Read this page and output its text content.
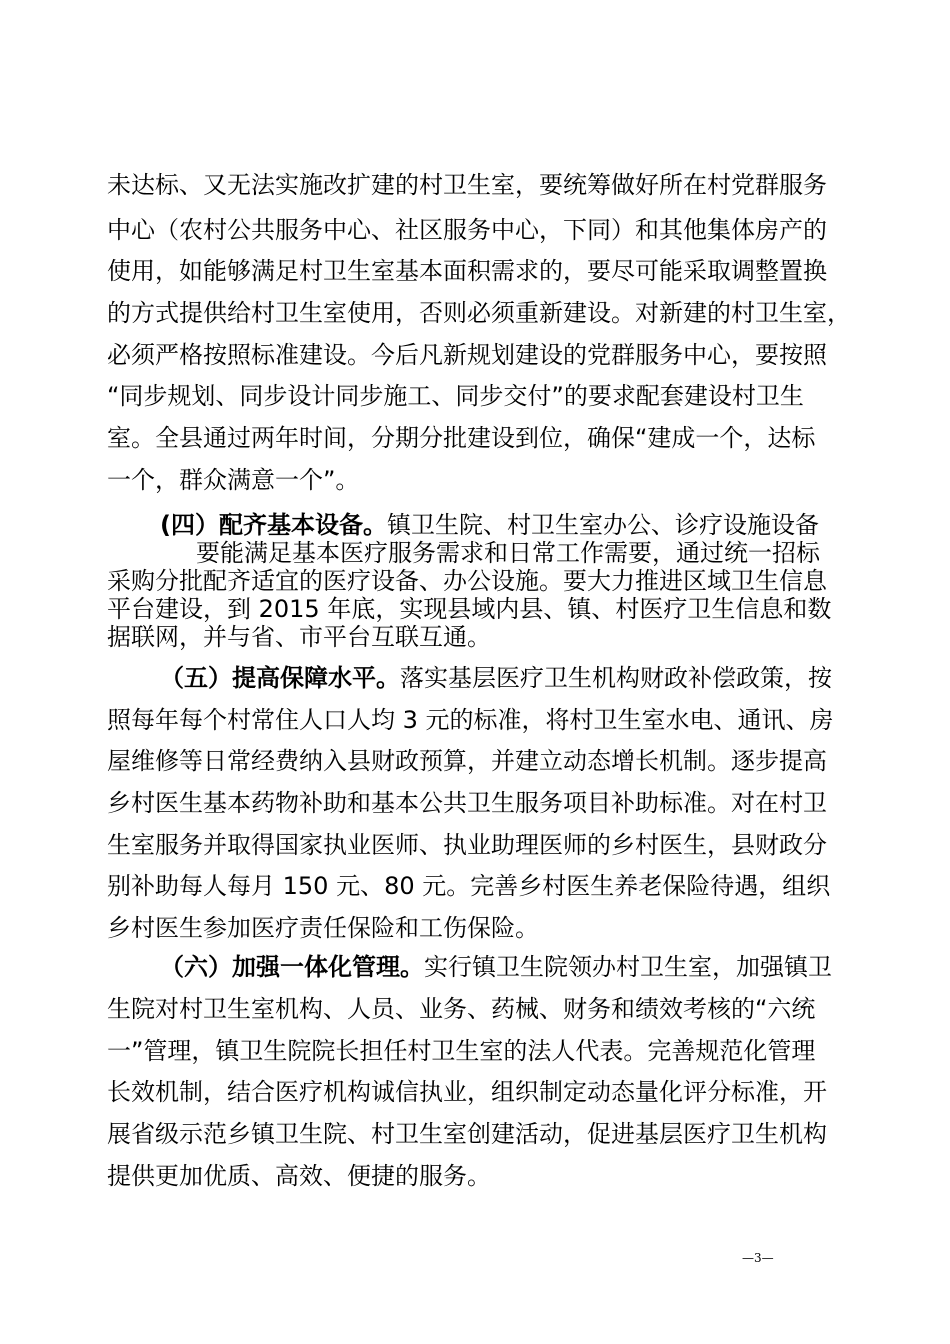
未达标、又无法实施改扩建的村卫生室，要统筹做好所在村党群服务
中心（农村公共服务中心、社区服务中心，下同）和其他集体房产的
使用，如能够满足村卫生室基本面积需求的，要尽可能采取调整置换
的方式提供给村卫生室使用，否则必须重新建设。对新建的村卫生室，
必须严格按照标准建设。今后凡新规划建设的党群服务中心，要按照
“同步规划、同步设计同步施工、同步交付”的要求配套建设村卫生
室。全县通过两年时间，分期分批建设到位，确保“建成一个，达标
一个，群众满意一个”。
(四）配齐基本设备。镇卫生院、村卫生室办公、诊疗设施设备
要能满足基本医疗服务需求和日常工作需要，通过统一招标
采购分批配齐适宜的医疗设备、办公设施。要大力推进区域卫生信息
平台建设，到 2015 年底，实现县域内县、镇、村医疗卫生信息和数
据联网，并与省、市平台互联互通。
（五）提高保障水平。落实基层医疗卫生机构财政补偿政策，按
照每年每个村常住人口人均 3 元的标准，将村卫生室水电、通讯、房
屋维修等日常经费纳入县财政预算，并建立动态增长机制。逐步提高
乡村医生基本药物补助和基本公共卫生服务项目补助标准。对在村卫
生室服务并取得国家执业医师、执业助理医师的乡村医生，县财政分
别补助每人每月 150 元、80 元。完善乡村医生养老保险待遇，组织
乡村医生参加医疗责任保险和工伤保险。
（六）加强一体化管理。实行镇卫生院领办村卫生室，加强镇卫
生院对村卫生室机构、人员、业务、药械、财务和绩效考核的“六统
一”管理，镇卫生院院长担任村卫生室的法人代表。完善规范化管理
长效机制，结合医疗机构诚信执业，组织制定动态量化评分标准，开
展省级示范乡镇卫生院、村卫生室创建活动，促进基层医疗卫生机构
提供更加优质、高效、便捷的服务。
—3—
